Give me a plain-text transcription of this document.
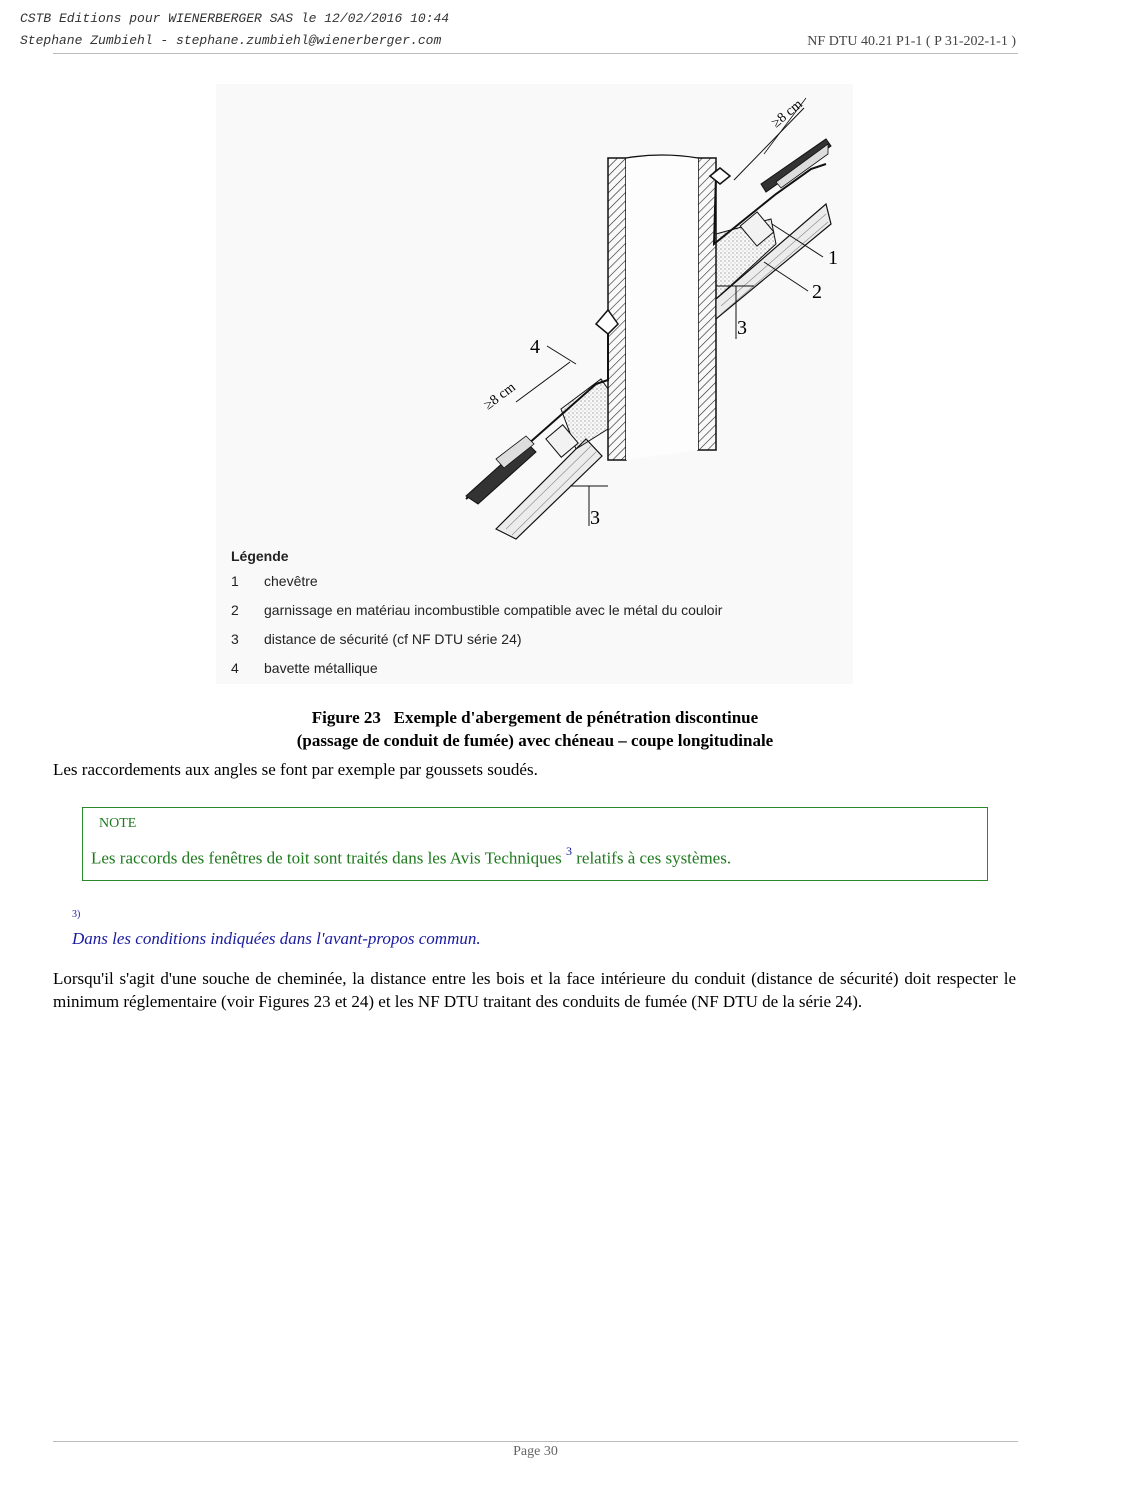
CSTB Editions pour WIENERBERGER SAS le 12/02/2016 10:44
Stephane Zumbiehl - stephane.zumbiehl@wienerberger.com	NF DTU 40.21 P1-1 ( P 31-202-1-1 )
≥8 cm
≥8 cm
1
2
3
3
4
Légende
1	chevêtre
2	garnissage en matériau incombustible compatible avec le métal du couloir
3	distance de sécurité (cf NF DTU série 24)
4	bavette métallique
Figure 23   Exemple d'abergement de pénétration discontinue
(passage de conduit de fumée) avec chéneau – coupe longitudinale
Les raccordements aux angles se font par exemple par goussets soudés.
NOTE
Les raccords des fenêtres de toit sont traités dans les Avis Techniques $^3$ relatifs à ces systèmes.
3)
Dans les conditions indiquées dans l'avant-propos commun.
Lorsqu'il s'agit d'une souche de cheminée, la distance entre les bois et la face intérieure du conduit (distance de sécurité) doit respecter le minimum réglementaire (voir Figures 23 et 24) et les NF DTU traitant des conduits de fumée (NF DTU de la série 24).
Page 30
